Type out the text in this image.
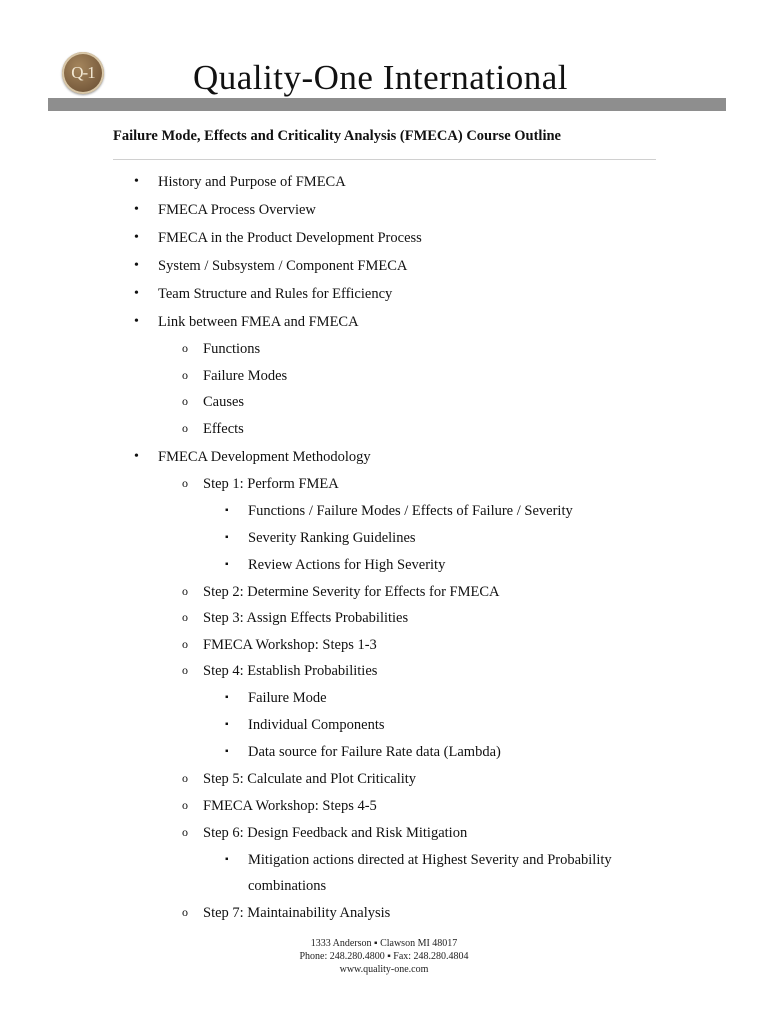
Q-1	Quality-One International
Failure Mode, Effects and Criticality Analysis (FMECA) Course Outline
• History and Purpose of FMECA
• FMECA Process Overview
• FMECA in the Product Development Process
• System / Subsystem / Component FMECA
• Team Structure and Rules for Efficiency
• Link between FMEA and FMECA
o Functions
o Failure Modes
o Causes
o Effects
• FMECA Development Methodology
o Step 1: Perform FMEA
▪ Functions / Failure Modes / Effects of Failure / Severity
▪ Severity Ranking Guidelines
▪ Review Actions for High Severity
o Step 2: Determine Severity for Effects for FMECA
o Step 3: Assign Effects Probabilities
o FMECA Workshop: Steps 1-3
o Step 4: Establish Probabilities
▪ Failure Mode
▪ Individual Components
▪ Data source for Failure Rate data (Lambda)
o Step 5: Calculate and Plot Criticality
o FMECA Workshop: Steps 4-5
o Step 6: Design Feedback and Risk Mitigation
▪ Mitigation actions directed at Highest Severity and Probability
combinations
o Step 7: Maintainability Analysis
1333 Anderson ▪ Clawson MI 48017
Phone: 248.280.4800 ▪ Fax: 248.280.4804
www.quality-one.com
